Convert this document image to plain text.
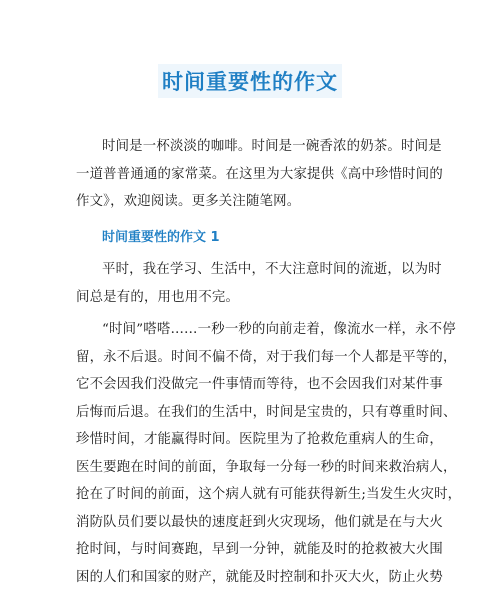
时间重要性的作文
时间是一杯淡淡的咖啡。时间是一碗香浓的奶茶。时间是
一道普普通通的家常菜。在这里为大家提供《高中珍惜时间的
作文》，欢迎阅读。更多关注随笔网。
时间重要性的作文 1
平时，我在学习、生活中，不大注意时间的流逝，以为时
间总是有的，用也用不完。
“时间”嗒嗒……一秒一秒的向前走着，像流水一样，永不停
留，永不后退。时间不偏不倚，对于我们每一个人都是平等的，
它不会因我们没做完一件事情而等待，也不会因我们对某件事
后悔而后退。在我们的生活中，时间是宝贵的，只有尊重时间、
珍惜时间，才能赢得时间。医院里为了抢救危重病人的生命，
医生要跑在时间的前面，争取每一分每一秒的时间来救治病人，
抢在了时间的前面，这个病人就有可能获得新生;当发生火灾时，
消防队员们要以最快的速度赶到火灾现场，他们就是在与大火
抢时间，与时间赛跑，早到一分钟，就能及时的抢救被大火围
困的人们和国家的财产，就能及时控制和扑灭大火，防止火势
